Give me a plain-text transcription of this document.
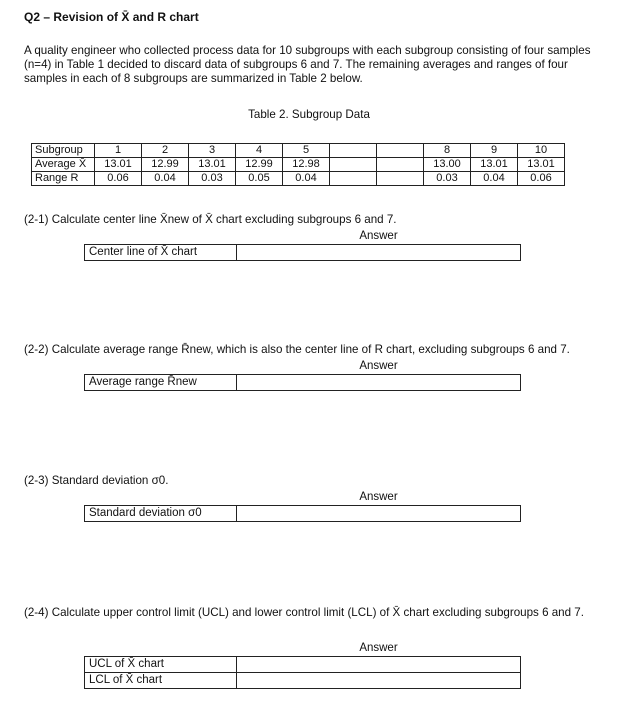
Q2 – Revision of X̄ and R chart
A quality engineer who collected process data for 10 subgroups with each subgroup consisting of four samples (n=4) in Table 1 decided to discard data of subgroups 6 and 7. The remaining averages and ranges of four samples in each of 8 subgroups are summarized in Table 2 below.
Table 2. Subgroup Data
Subgroup	1	2	3	4	5			8	9	10
Average X̄	13.01	12.99	13.01	12.99	12.98			13.00	13.01	13.01
Range R	0.06	0.04	0.03	0.05	0.04			0.03	0.04	0.06
(2-1) Calculate center line X̄new of X̄ chart excluding subgroups 6 and 7.
	Answer
Center line of X̄ chart	
(2-2) Calculate average range R̄new, which is also the center line of R chart, excluding subgroups 6 and 7.
	Answer
Average range R̄new	
(2-3) Standard deviation σ0.
	Answer
Standard deviation σ0	
(2-4) Calculate upper control limit (UCL) and lower control limit (LCL) of X̄ chart excluding subgroups 6 and 7.
	Answer
UCL of X̄ chart	
LCL of X̄ chart	
